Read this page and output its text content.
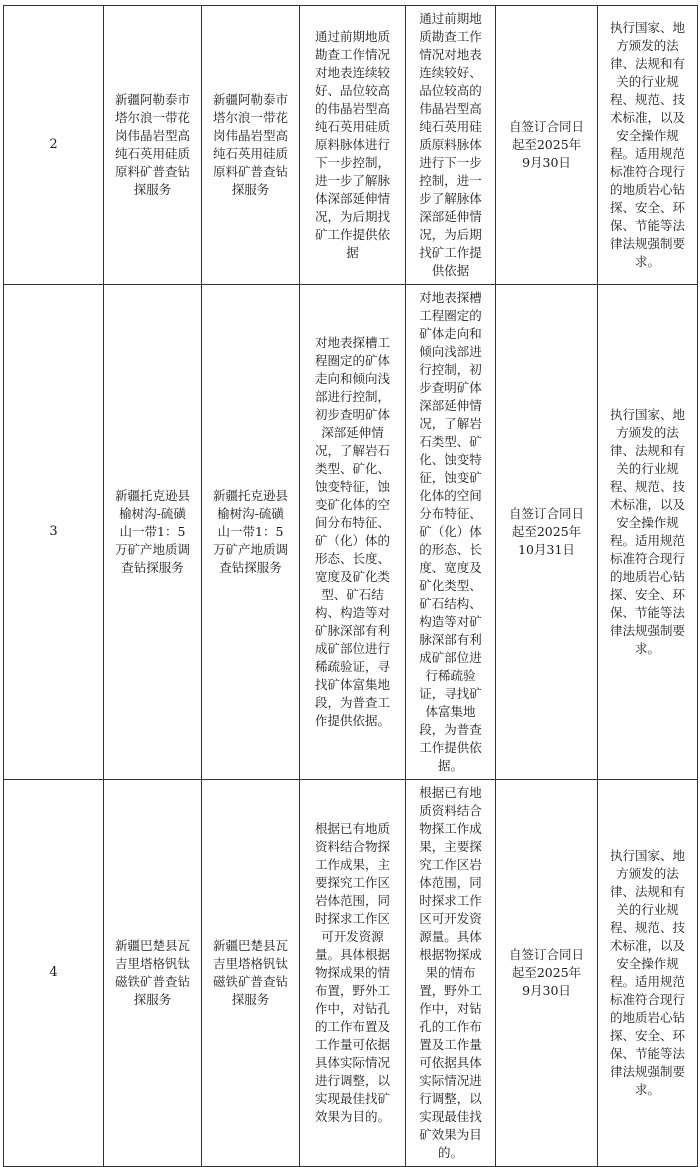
2	新疆阿勒泰市塔尔浪一带花岗伟晶岩型高纯石英用硅质原料矿普查钻探服务	新疆阿勒泰市塔尔浪一带花岗伟晶岩型高纯石英用硅质原料矿普查钻探服务	通过前期地质勘查工作情况对地表连续较好、品位较高的伟晶岩型高纯石英用硅质原料脉体进行下一步控制，进一步了解脉体深部延伸情况，为后期找矿工作提供依据	通过前期地质勘查工作情况对地表连续较好、品位较高的伟晶岩型高纯石英用硅质原料脉体进行下一步控制，进一步了解脉体深部延伸情况，为后期找矿工作提供依据	自签订合同日起至2025年9月30日	执行国家、地方颁发的法律、法规和有关的行业规程、规范、技术标准，以及安全操作规程。适用规范标准符合现行的地质岩心钻探、安全、环保、节能等法律法规强制要求。
3	新疆托克逊县榆树沟-硫磺山一带1：5万矿产地质调查钻探服务	新疆托克逊县榆树沟-硫磺山一带1：5万矿产地质调查钻探服务	对地表探槽工程圈定的矿体走向和倾向浅部进行控制，初步查明矿体深部延伸情况，了解岩石类型、矿化、蚀变特征，蚀变矿化体的空间分布特征、矿（化）体的形态、长度、宽度及矿化类型、矿石结构、构造等对矿脉深部有利成矿部位进行稀疏验证，寻找矿体富集地段，为普查工作提供依据。	对地表探槽工程圈定的矿体走向和倾向浅部进行控制，初步查明矿体深部延伸情况，了解岩石类型、矿化、蚀变特征，蚀变矿化体的空间分布特征、矿（化）体的形态、长度、宽度及矿化类型、矿石结构、构造等对矿脉深部有利成矿部位进行稀疏验证，寻找矿体富集地段，为普查工作提供依据。	自签订合同日起至2025年10月31日	执行国家、地方颁发的法律、法规和有关的行业规程、规范、技术标准，以及安全操作规程。适用规范标准符合现行的地质岩心钻探、安全、环保、节能等法律法规强制要求。
4	新疆巴楚县瓦吉里塔格钒钛磁铁矿普查钻探服务	新疆巴楚县瓦吉里塔格钒钛磁铁矿普查钻探服务	根据已有地质资料结合物探工作成果，主要探究工作区岩体范围，同时探求工作区可开发资源量。具体根据物探成果的情布置，野外工作中，对钻孔的工作布置及工作量可依据具体实际情况进行调整，以实现最佳找矿效果为目的。	根据已有地质资料结合物探工作成果，主要探究工作区岩体范围，同时探求工作区可开发资源量。具体根据物探成果的情布置，野外工作中，对钻孔的工作布置及工作量可依据具体实际情况进行调整，以实现最佳找矿效果为目的。	自签订合同日起至2025年9月30日	执行国家、地方颁发的法律、法规和有关的行业规程、规范、技术标准，以及安全操作规程。适用规范标准符合现行的地质岩心钻探、安全、环保、节能等法律法规强制要求。
